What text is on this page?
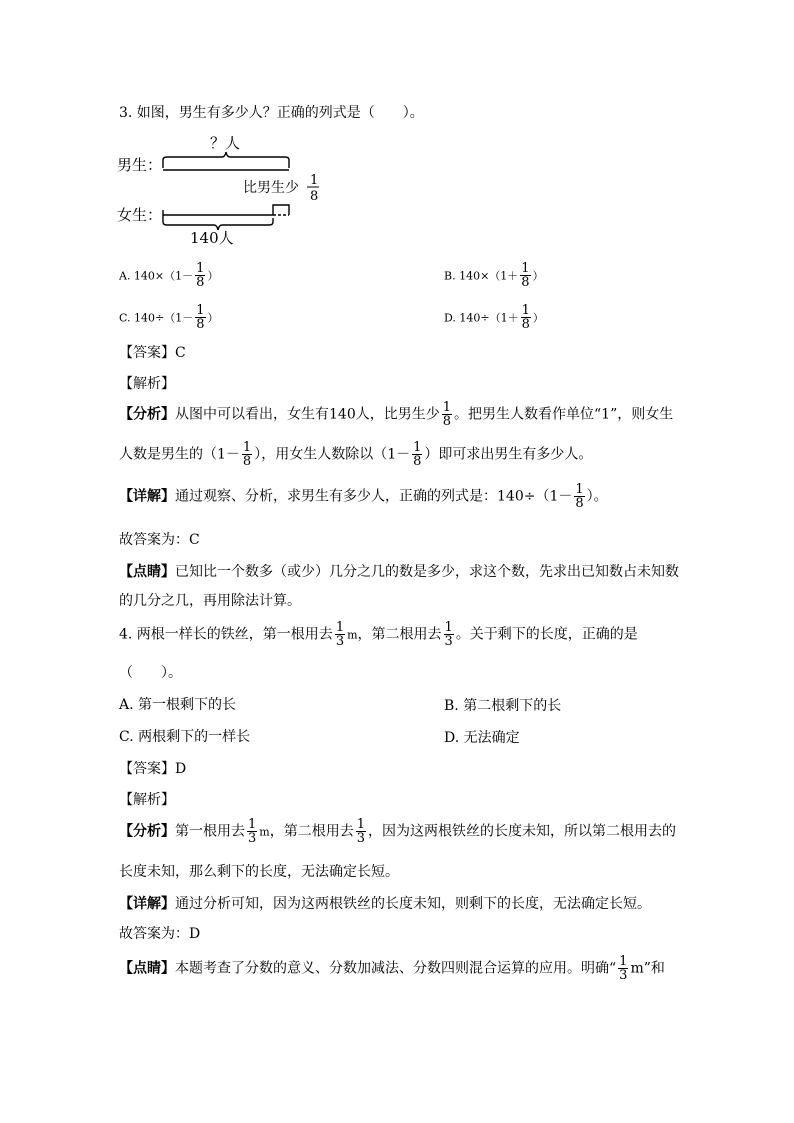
3. 如图，男生有多少人？正确的列式是（　　）。
男生：
？人
比男生少 1
8
女生：
140人
A. $140\times(1- \frac{1}{8}$ ）	B. $140\times(1+ \frac{1}{8}$ ）
C. $140\div(1- \frac{1}{8}$ ）	D. $140\div(1+ \frac{1}{8}$ ）
【答案】C
【解析】
【分析】从图中可以看出，女生有140人，比男生少 $\frac{1}{8}$ 。把男生人数看作单位“1”，则女生
人数是男生的（$1- \frac{1}{8}$ ），用女生人数除以（$1- \frac{1}{8}$ ）即可求出男生有多少人。
【详解】通过观察、分析，求男生有多少人，正确的列式是：$140\div(1- \frac{1}{8}$ ）。
故答案为：C
【点睛】已知比一个数多（或少）几分之几的数是多少，求这个数，先求出已知数占未知数
的几分之几，再用除法计算。
4. 两根一样长的铁丝，第一根用去 $\frac{1}{3}$ m，第二根用去 $\frac{1}{3}$ 。关于剩下的长度，正确的是
（　　）。
A. 第一根剩下的长	B. 第二根剩下的长
C. 两根剩下的一样长	D. 无法确定
【答案】D
【解析】
【分析】第一根用去 $\frac{1}{3}$ m，第二根用去 $\frac{1}{3}$ ，因为这两根铁丝的长度未知，所以第二根用去的
长度未知，那么剩下的长度，无法确定长短。
【详解】通过分析可知，因为这两根铁丝的长度未知，则剩下的长度，无法确定长短。
故答案为：D
【点睛】本题考查了分数的意义、分数加减法、分数四则混合运算的应用。明确“ $\frac{1}{3} m$”和
